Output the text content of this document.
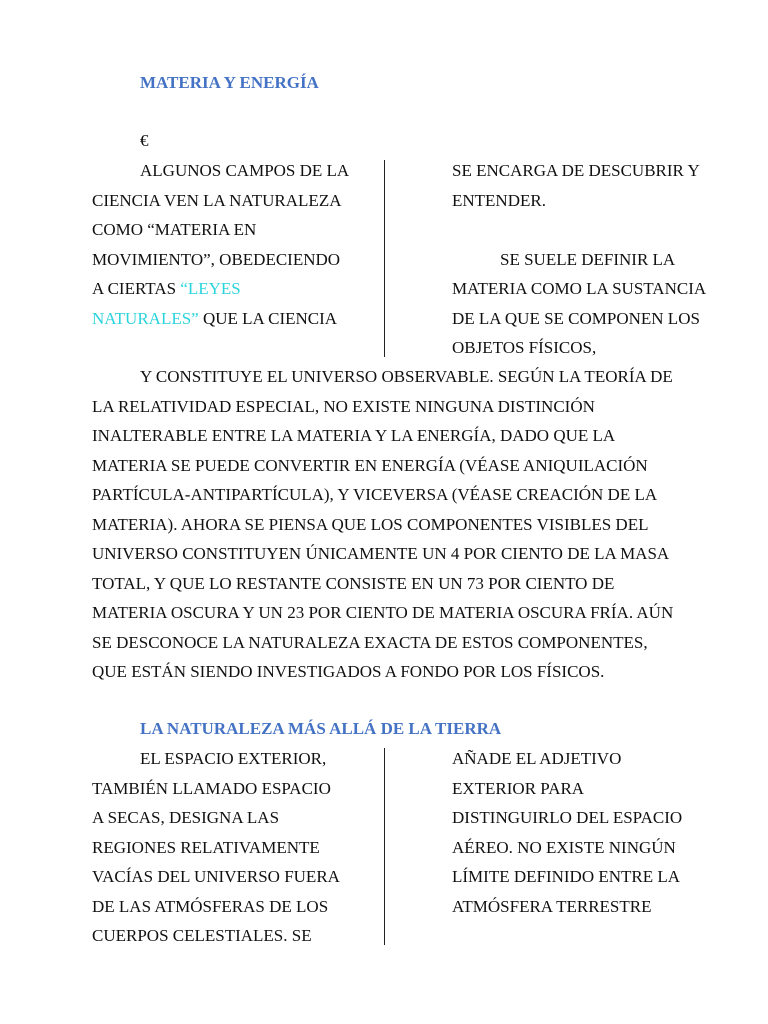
MATERIA Y ENERGÍA
€
ALGUNOS CAMPOS DE LA
CIENCIA VEN LA NATURALEZA
COMO “MATERIA EN
MOVIMIENTO”, OBEDECIENDO
A CIERTAS “LEYES
NATURALES” QUE LA CIENCIA
SE ENCARGA DE DESCUBRIR Y
ENTENDER.
SE SUELE DEFINIR LA
MATERIA COMO LA SUSTANCIA
DE LA QUE SE COMPONEN LOS
OBJETOS FÍSICOS,
Y CONSTITUYE EL UNIVERSO OBSERVABLE. SEGÚN LA TEORÍA DE
LA RELATIVIDAD ESPECIAL, NO EXISTE NINGUNA DISTINCIÓN
INALTERABLE ENTRE LA MATERIA Y LA ENERGÍA, DADO QUE LA
MATERIA SE PUEDE CONVERTIR EN ENERGÍA (VÉASE ANIQUILACIÓN
PARTÍCULA-ANTIPARTÍCULA), Y VICEVERSA (VÉASE CREACIÓN DE LA
MATERIA). AHORA SE PIENSA QUE LOS COMPONENTES VISIBLES DEL
UNIVERSO CONSTITUYEN ÚNICAMENTE UN 4 POR CIENTO DE LA MASA
TOTAL, Y QUE LO RESTANTE CONSISTE EN UN 73 POR CIENTO DE
MATERIA OSCURA Y UN 23 POR CIENTO DE MATERIA OSCURA FRÍA. AÚN
SE DESCONOCE LA NATURALEZA EXACTA DE ESTOS COMPONENTES,
QUE ESTÁN SIENDO INVESTIGADOS A FONDO POR LOS FÍSICOS.
LA NATURALEZA MÁS ALLÁ DE LA TIERRA
EL ESPACIO EXTERIOR,
TAMBIÉN LLAMADO ESPACIO
A SECAS, DESIGNA LAS
REGIONES RELATIVAMENTE
VACÍAS DEL UNIVERSO FUERA
DE LAS ATMÓSFERAS DE LOS
CUERPOS CELESTIALES. SE
AÑADE EL ADJETIVO
EXTERIOR PARA
DISTINGUIRLO DEL ESPACIO
AÉREO. NO EXISTE NINGÚN
LÍMITE DEFINIDO ENTRE LA
ATMÓSFERA TERRESTRE
